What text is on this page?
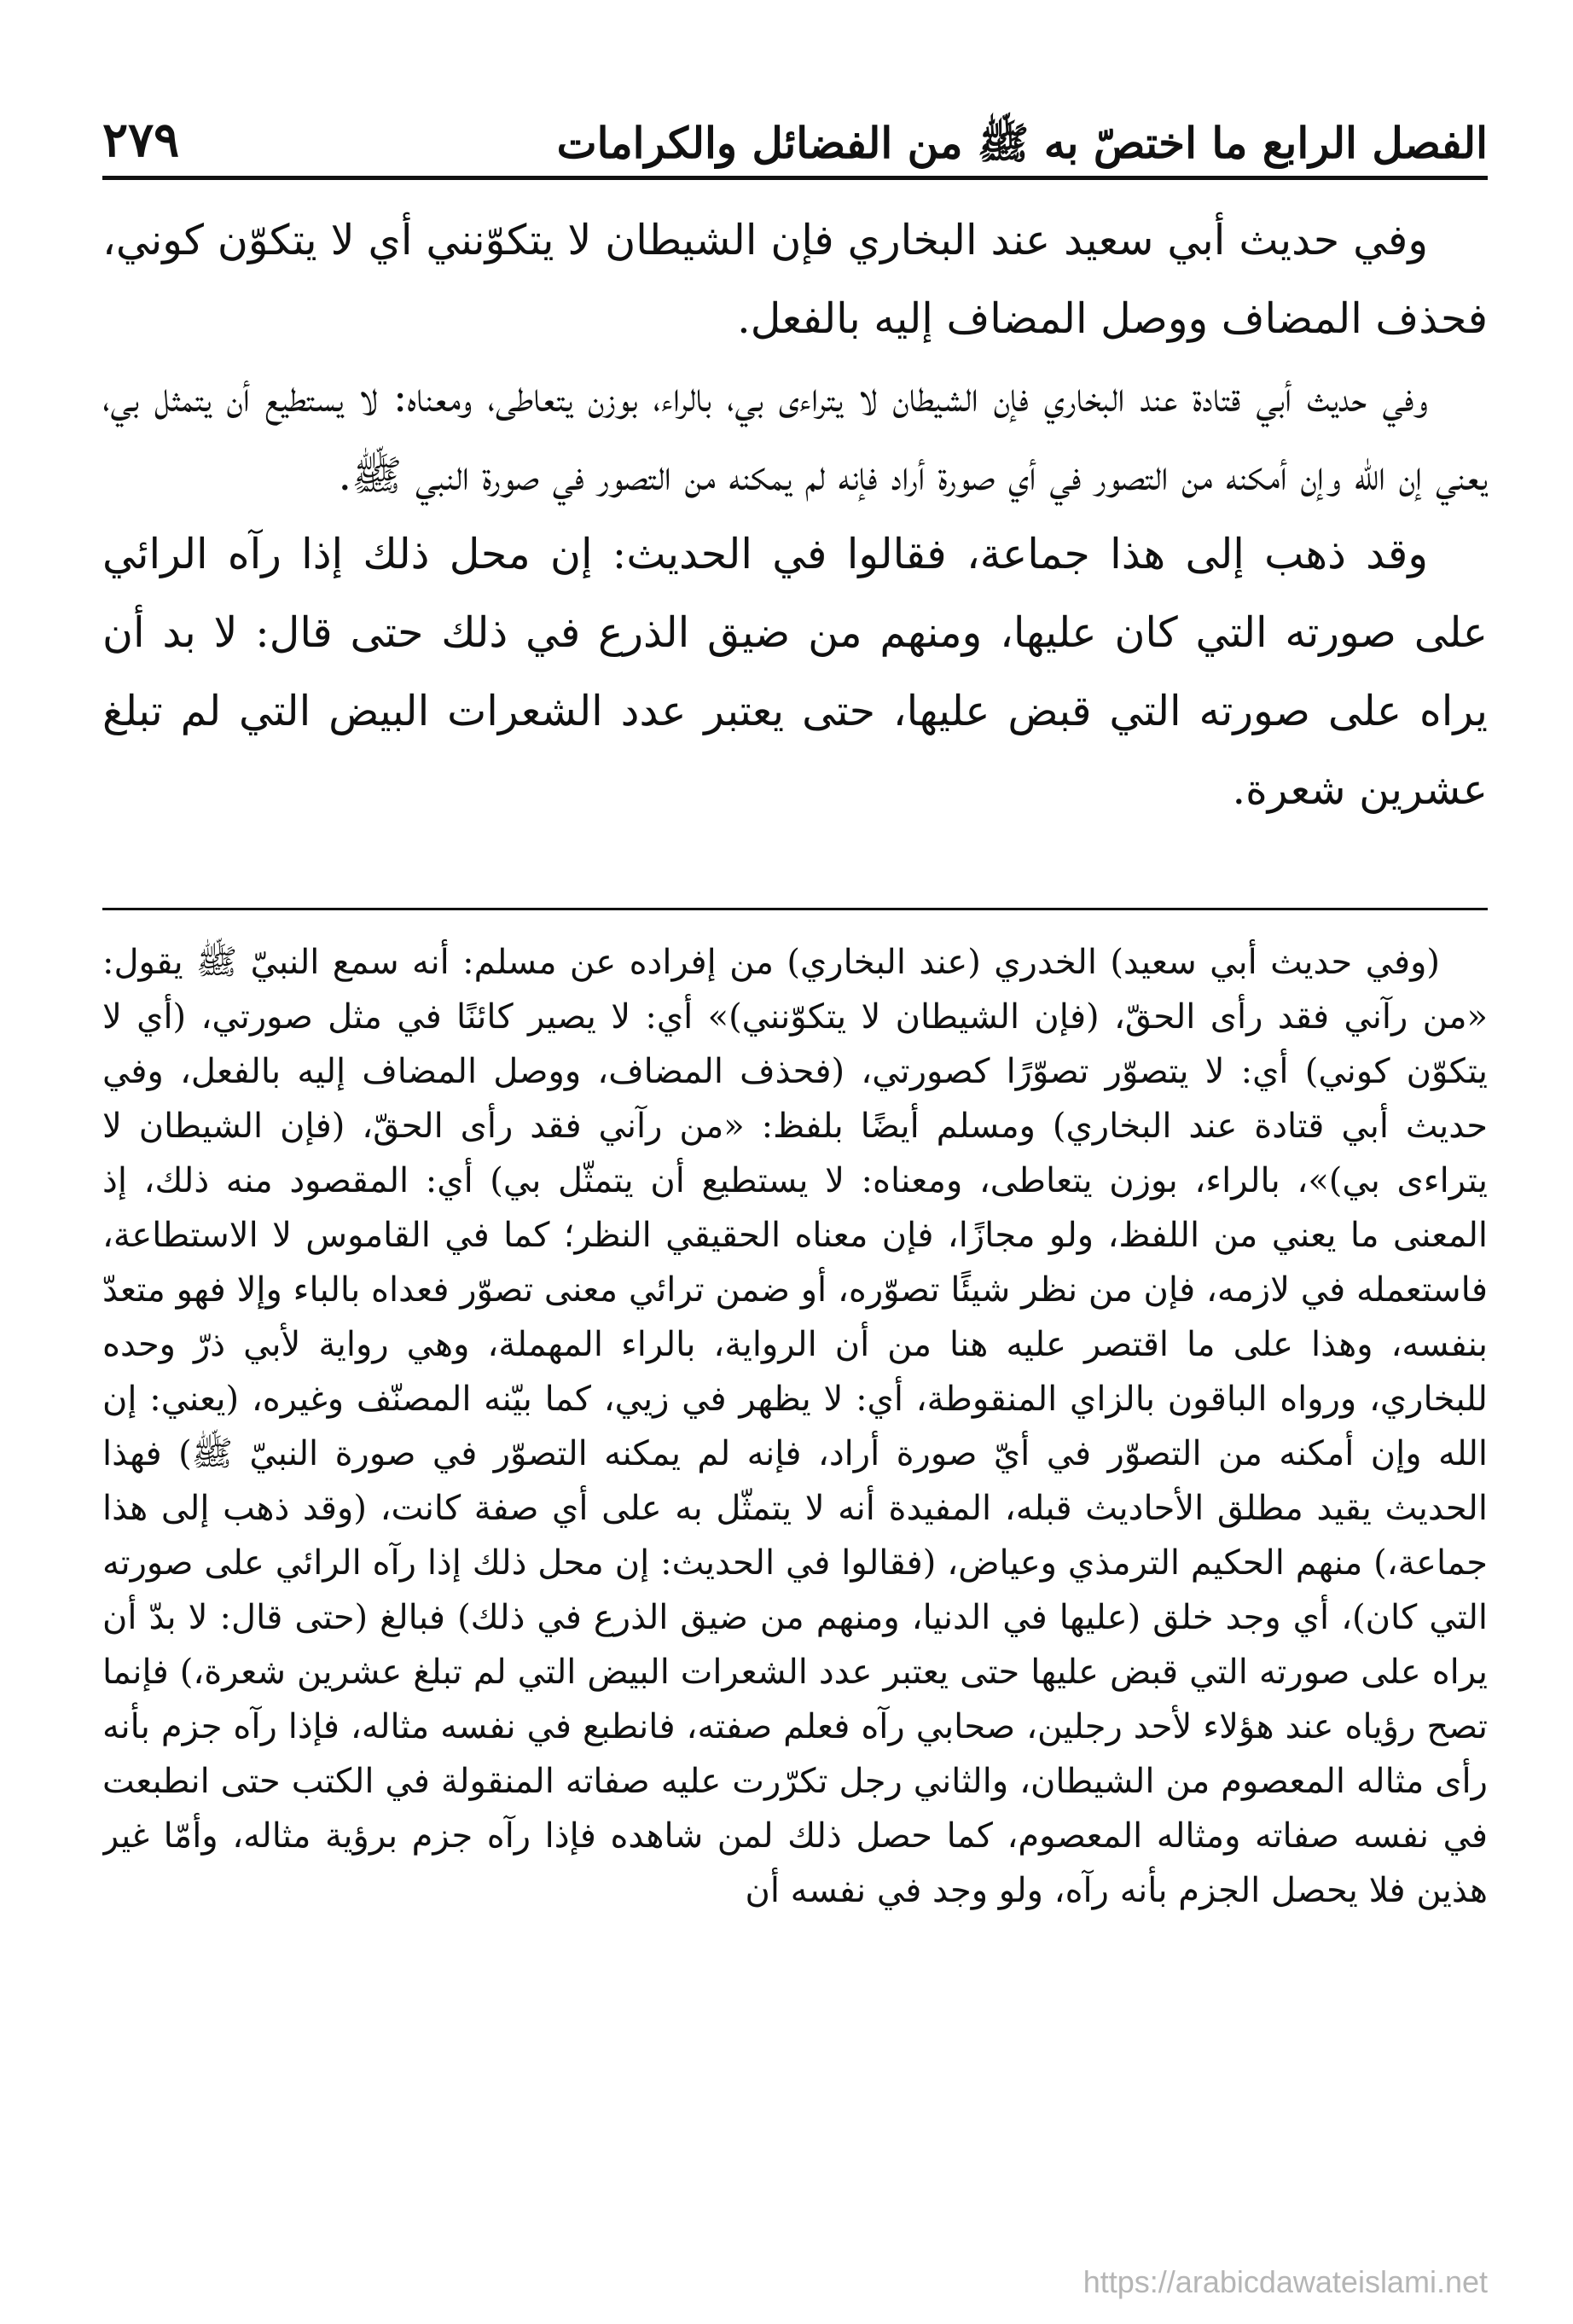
الفصل الرابع ما اختصّ به ﷺ من الفضائل والكرامات
٢٧٩

وفي حديث أبي سعيد عند البخاري فإن الشيطان لا يتكوّنني أي لا يتكوّن كوني، فحذف المضاف ووصل المضاف إليه بالفعل.

وفي حديث أبي قتادة عند البخاري فإن الشيطان لا يتراءى بي، بالراء، بوزن يتعاطى، ومعناه: لا يستطيع أن يتمثل بي، يعني إن الله وإن أمكنه من التصور في أي صورة أراد فإنه لم يمكنه من التصور في صورة النبي ﷺ.

وقد ذهب إلى هذا جماعة، فقالوا في الحديث: إن محل ذلك إذا رآه الرائي على صورته التي كان عليها، ومنهم من ضيق الذرع في ذلك حتى قال: لا بد أن يراه على صورته التي قبض عليها، حتى يعتبر عدد الشعرات البيض التي لم تبلغ عشرين شعرة.

(وفي حديث أبي سعيد) الخدري (عند البخاري) من إفراده عن مسلم: أنه سمع النبيّ ﷺ يقول: «من رآني فقد رأى الحقّ، (فإن الشيطان لا يتكوّنني)» أي: لا يصير كائنًا في مثل صورتي، (أي لا يتكوّن كوني) أي: لا يتصوّر تصوّرًا كصورتي، (فحذف المضاف، ووصل المضاف إليه بالفعل، وفي حديث أبي قتادة عند البخاري) ومسلم أيضًا بلفظ: «من رآني فقد رأى الحقّ، (فإن الشيطان لا يتراءى بي)»، بالراء، بوزن يتعاطى، ومعناه: لا يستطيع أن يتمثّل بي) أي: المقصود منه ذلك، إذ المعنى ما يعني من اللفظ، ولو مجازًا، فإن معناه الحقيقي النظر؛ كما في القاموس لا الاستطاعة، فاستعمله في لازمه، فإن من نظر شيئًا تصوّره، أو ضمن ترائي معنى تصوّر فعداه بالباء وإلا فهو متعدّ بنفسه، وهذا على ما اقتصر عليه هنا من أن الرواية، بالراء المهملة، وهي رواية لأبي ذرّ وحده للبخاري، ورواه الباقون بالزاي المنقوطة، أي: لا يظهر في زيي، كما بيّنه المصنّف وغيره، (يعني: إن الله وإن أمكنه من التصوّر في أيّ صورة أراد، فإنه لم يمكنه التصوّر في صورة النبيّ ﷺ) فهذا الحديث يقيد مطلق الأحاديث قبله، المفيدة أنه لا يتمثّل به على أي صفة كانت، (وقد ذهب إلى هذا جماعة،) منهم الحكيم الترمذي وعياض، (فقالوا في الحديث: إن محل ذلك إذا رآه الرائي على صورته التي كان)، أي وجد خلق (عليها في الدنيا، ومنهم من ضيق الذرع في ذلك) فبالغ (حتى قال: لا بدّ أن يراه على صورته التي قبض عليها حتى يعتبر عدد الشعرات البيض التي لم تبلغ عشرين شعرة،) فإنما تصح رؤياه عند هؤلاء لأحد رجلين، صحابي رآه فعلم صفته، فانطبع في نفسه مثاله، فإذا رآه جزم بأنه رأى مثاله المعصوم من الشيطان، والثاني رجل تكرّرت عليه صفاته المنقولة في الكتب حتى انطبعت في نفسه صفاته ومثاله المعصوم، كما حصل ذلك لمن شاهده فإذا رآه جزم برؤية مثاله، وأمّا غير هذين فلا يحصل الجزم بأنه رآه، ولو وجد في نفسه أن

https://arabicdawateislami.net
